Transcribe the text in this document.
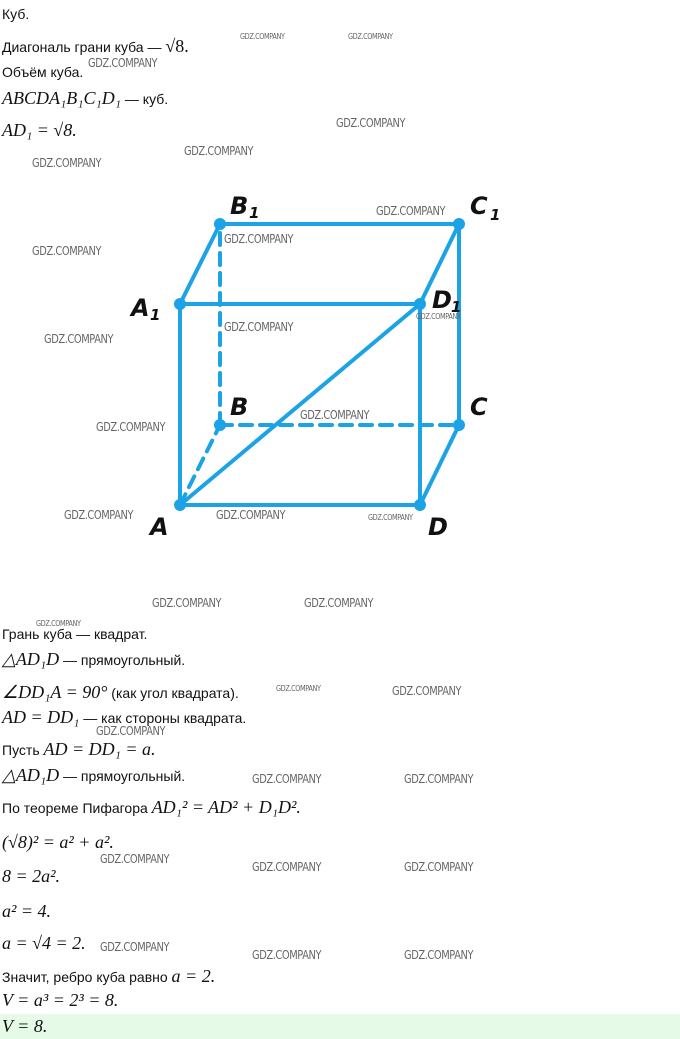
Куб.
Диагональ грани куба — √8.
Объём куба.
ABCDA₁B₁C₁D₁ — куб.
AD₁ = √8.
A	D
C
B
A 1
D 1
B 1	C 1
Грань куба — квадрат.
△AD₁D — прямоугольный.
∠DD₁A = 90° (как угол квадрата).
AD = DD₁ — как стороны квадрата.
Пусть AD = DD₁ = a.
△AD₁D — прямоугольный.
По теореме Пифагора AD₁² = AD² + D₁D².
(√8)² = a² + a².
8 = 2a².
a² = 4.
a = √4 = 2.
Значит, ребро куба равно a = 2.
V = a³ = 2³ = 8.
V = 8.
GDZ.COMPANY	GDZ.COMPANY
GDZ.COMPANY
GDZ.COMPANY
GDZ.COMPANY
GDZ.COMPANY
GDZ.COMPANY
GDZ.COMPANY
GDZ.COMPANY
GDZ.COMPANY
GDZ.COMPANY
GDZ.COMPANY
GDZ.COMPANY
GDZ.COMPANY
GDZ.COMPANY	GDZ.COMPANY	GDZ.COMPANY
GDZ.COMPANY	GDZ.COMPANY
GDZ.COMPANY
GDZ.COMPANY	GDZ.COMPANY
GDZ.COMPANY
GDZ.COMPANY	GDZ.COMPANY
GDZ.COMPANY
GDZ.COMPANY	GDZ.COMPANY
GDZ.COMPANY
GDZ.COMPANY	GDZ.COMPANY
